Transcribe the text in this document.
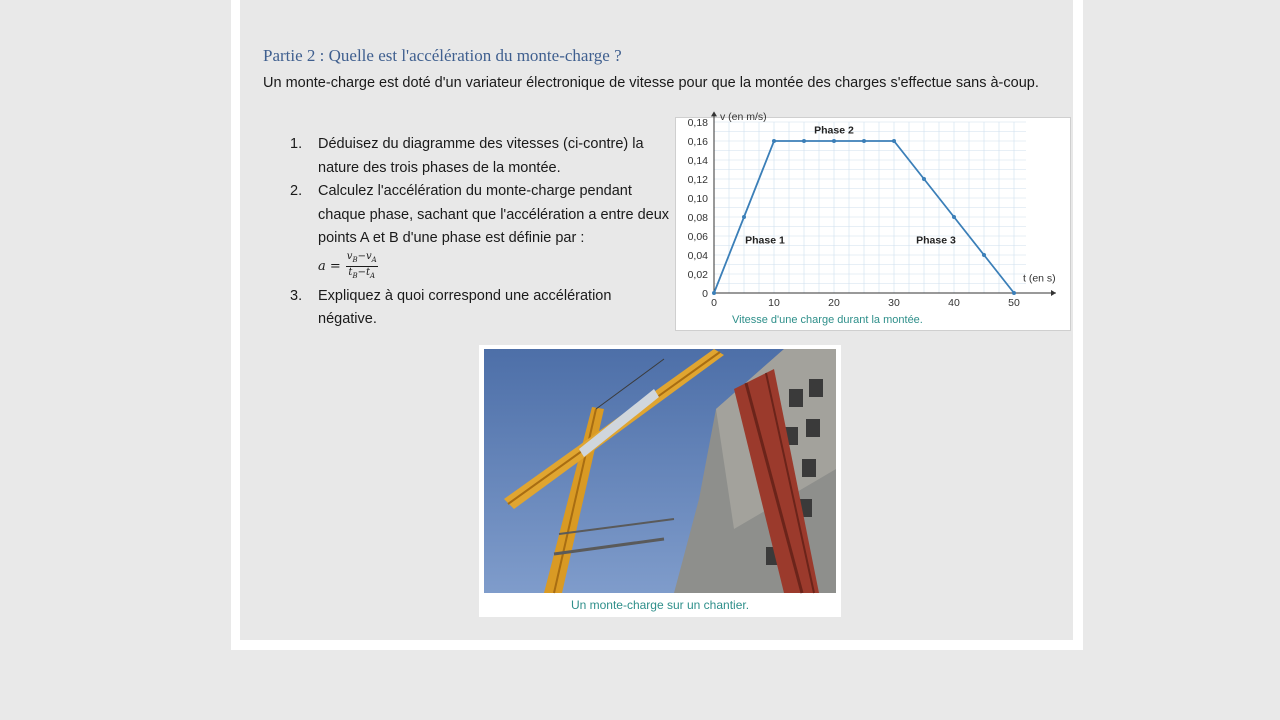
Partie 2 : Quelle est l'accélération du monte-charge ?

Un monte-charge est doté d'un variateur électronique de vitesse pour que la montée des charges s'effectue sans à-coup.

1. Déduisez du diagramme des vitesses (ci-contre) la nature des trois phases de la montée.
2. Calculez l'accélération du monte-charge pendant chaque phase, sachant que l'accélération a entre deux points A et B d'une phase est définie par :
$a = \frac{v_B-v_A}{t_B-t_A}$
3. Expliquez à quoi correspond une accélération négative.
0
0,02
0,04
0,06
0,08
0,10
0,12
0,14
0,16
0,18
0	10	20	30	40	50
v (en m/s)
t (en s)
Phase 1
Phase 2
Phase 3
Vitesse d'une charge durant la montée.
Un monte-charge sur un chantier.
